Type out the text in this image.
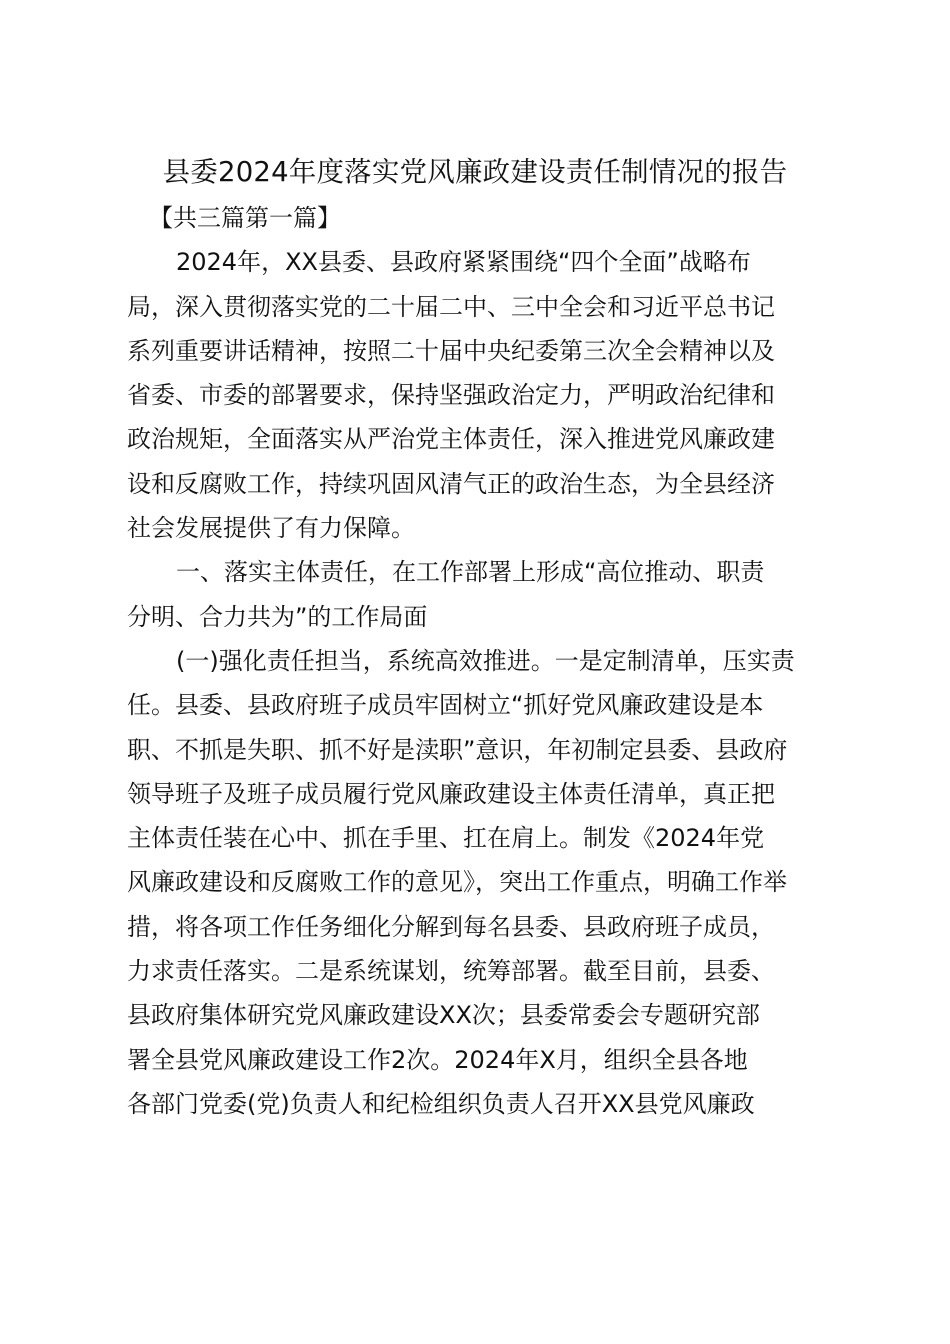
县委2024年度落实党风廉政建设责任制情况的报告
【共三篇第一篇】
2024年，XX县委、县政府紧紧围绕“四个全面”战略布
局，深入贯彻落实党的二十届二中、三中全会和习近平总书记
系列重要讲话精神，按照二十届中央纪委第三次全会精神以及
省委、市委的部署要求，保持坚强政治定力，严明政治纪律和
政治规矩，全面落实从严治党主体责任，深入推进党风廉政建
设和反腐败工作，持续巩固风清气正的政治生态，为全县经济
社会发展提供了有力保障。
一、落实主体责任，在工作部署上形成“高位推动、职责
分明、合力共为”的工作局面
(一)强化责任担当，系统高效推进。一是定制清单，压实责
任。县委、县政府班子成员牢固树立“抓好党风廉政建设是本
职、不抓是失职、抓不好是渎职”意识，年初制定县委、县政府
领导班子及班子成员履行党风廉政建设主体责任清单，真正把
主体责任装在心中、抓在手里、扛在肩上。制发《2024年党
风廉政建设和反腐败工作的意见》，突出工作重点，明确工作举
措，将各项工作任务细化分解到每名县委、县政府班子成员，
力求责任落实。二是系统谋划，统筹部署。截至目前，县委、
县政府集体研究党风廉政建设XX次；县委常委会专题研究部
署全县党风廉政建设工作2次。2024年X月，组织全县各地
各部门党委(党)负责人和纪检组织负责人召开XX县党风廉政
